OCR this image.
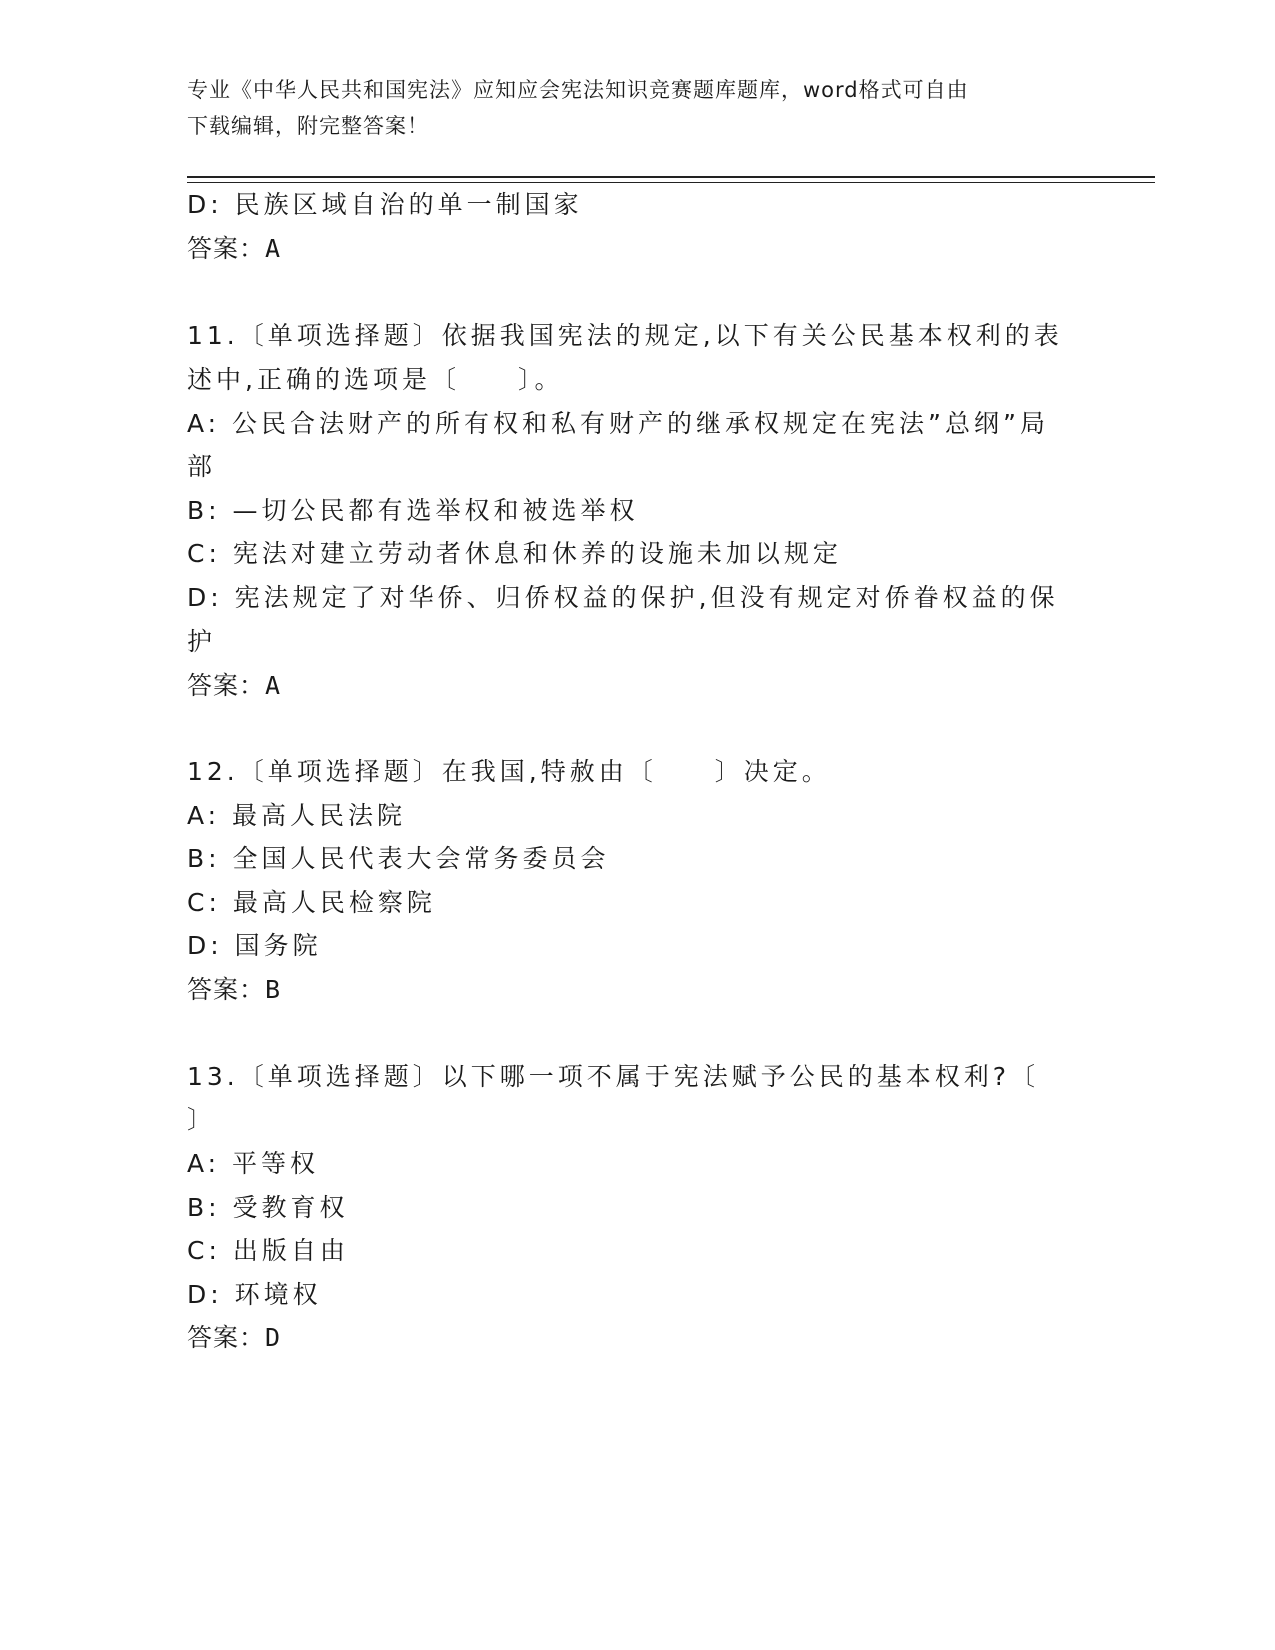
专业《中华人民共和国宪法》应知应会宪法知识竞赛题库题库，word格式可自由
下载编辑，附完整答案！
D: 民族区域自治的单一制国家
答案：A
11.〔单项选择题〕依据我国宪法的规定,以下有关公民基本权利的表
述中,正确的选项是〔　　〕。
A: 公民合法财产的所有权和私有财产的继承权规定在宪法”总纲”局
部
B: —切公民都有选举权和被选举权
C: 宪法对建立劳动者休息和休养的设施未加以规定
D: 宪法规定了对华侨、归侨权益的保护,但没有规定对侨眷权益的保
护
答案：A
12.〔单项选择题〕在我国,特赦由〔　　〕决定。
A: 最高人民法院
B: 全国人民代表大会常务委员会
C: 最高人民检察院
D: 国务院
答案：B
13.〔单项选择题〕以下哪一项不属于宪法赋予公民的基本权利?〔
〕
A: 平等权
B: 受教育权
C: 出版自由
D: 环境权
答案：D
